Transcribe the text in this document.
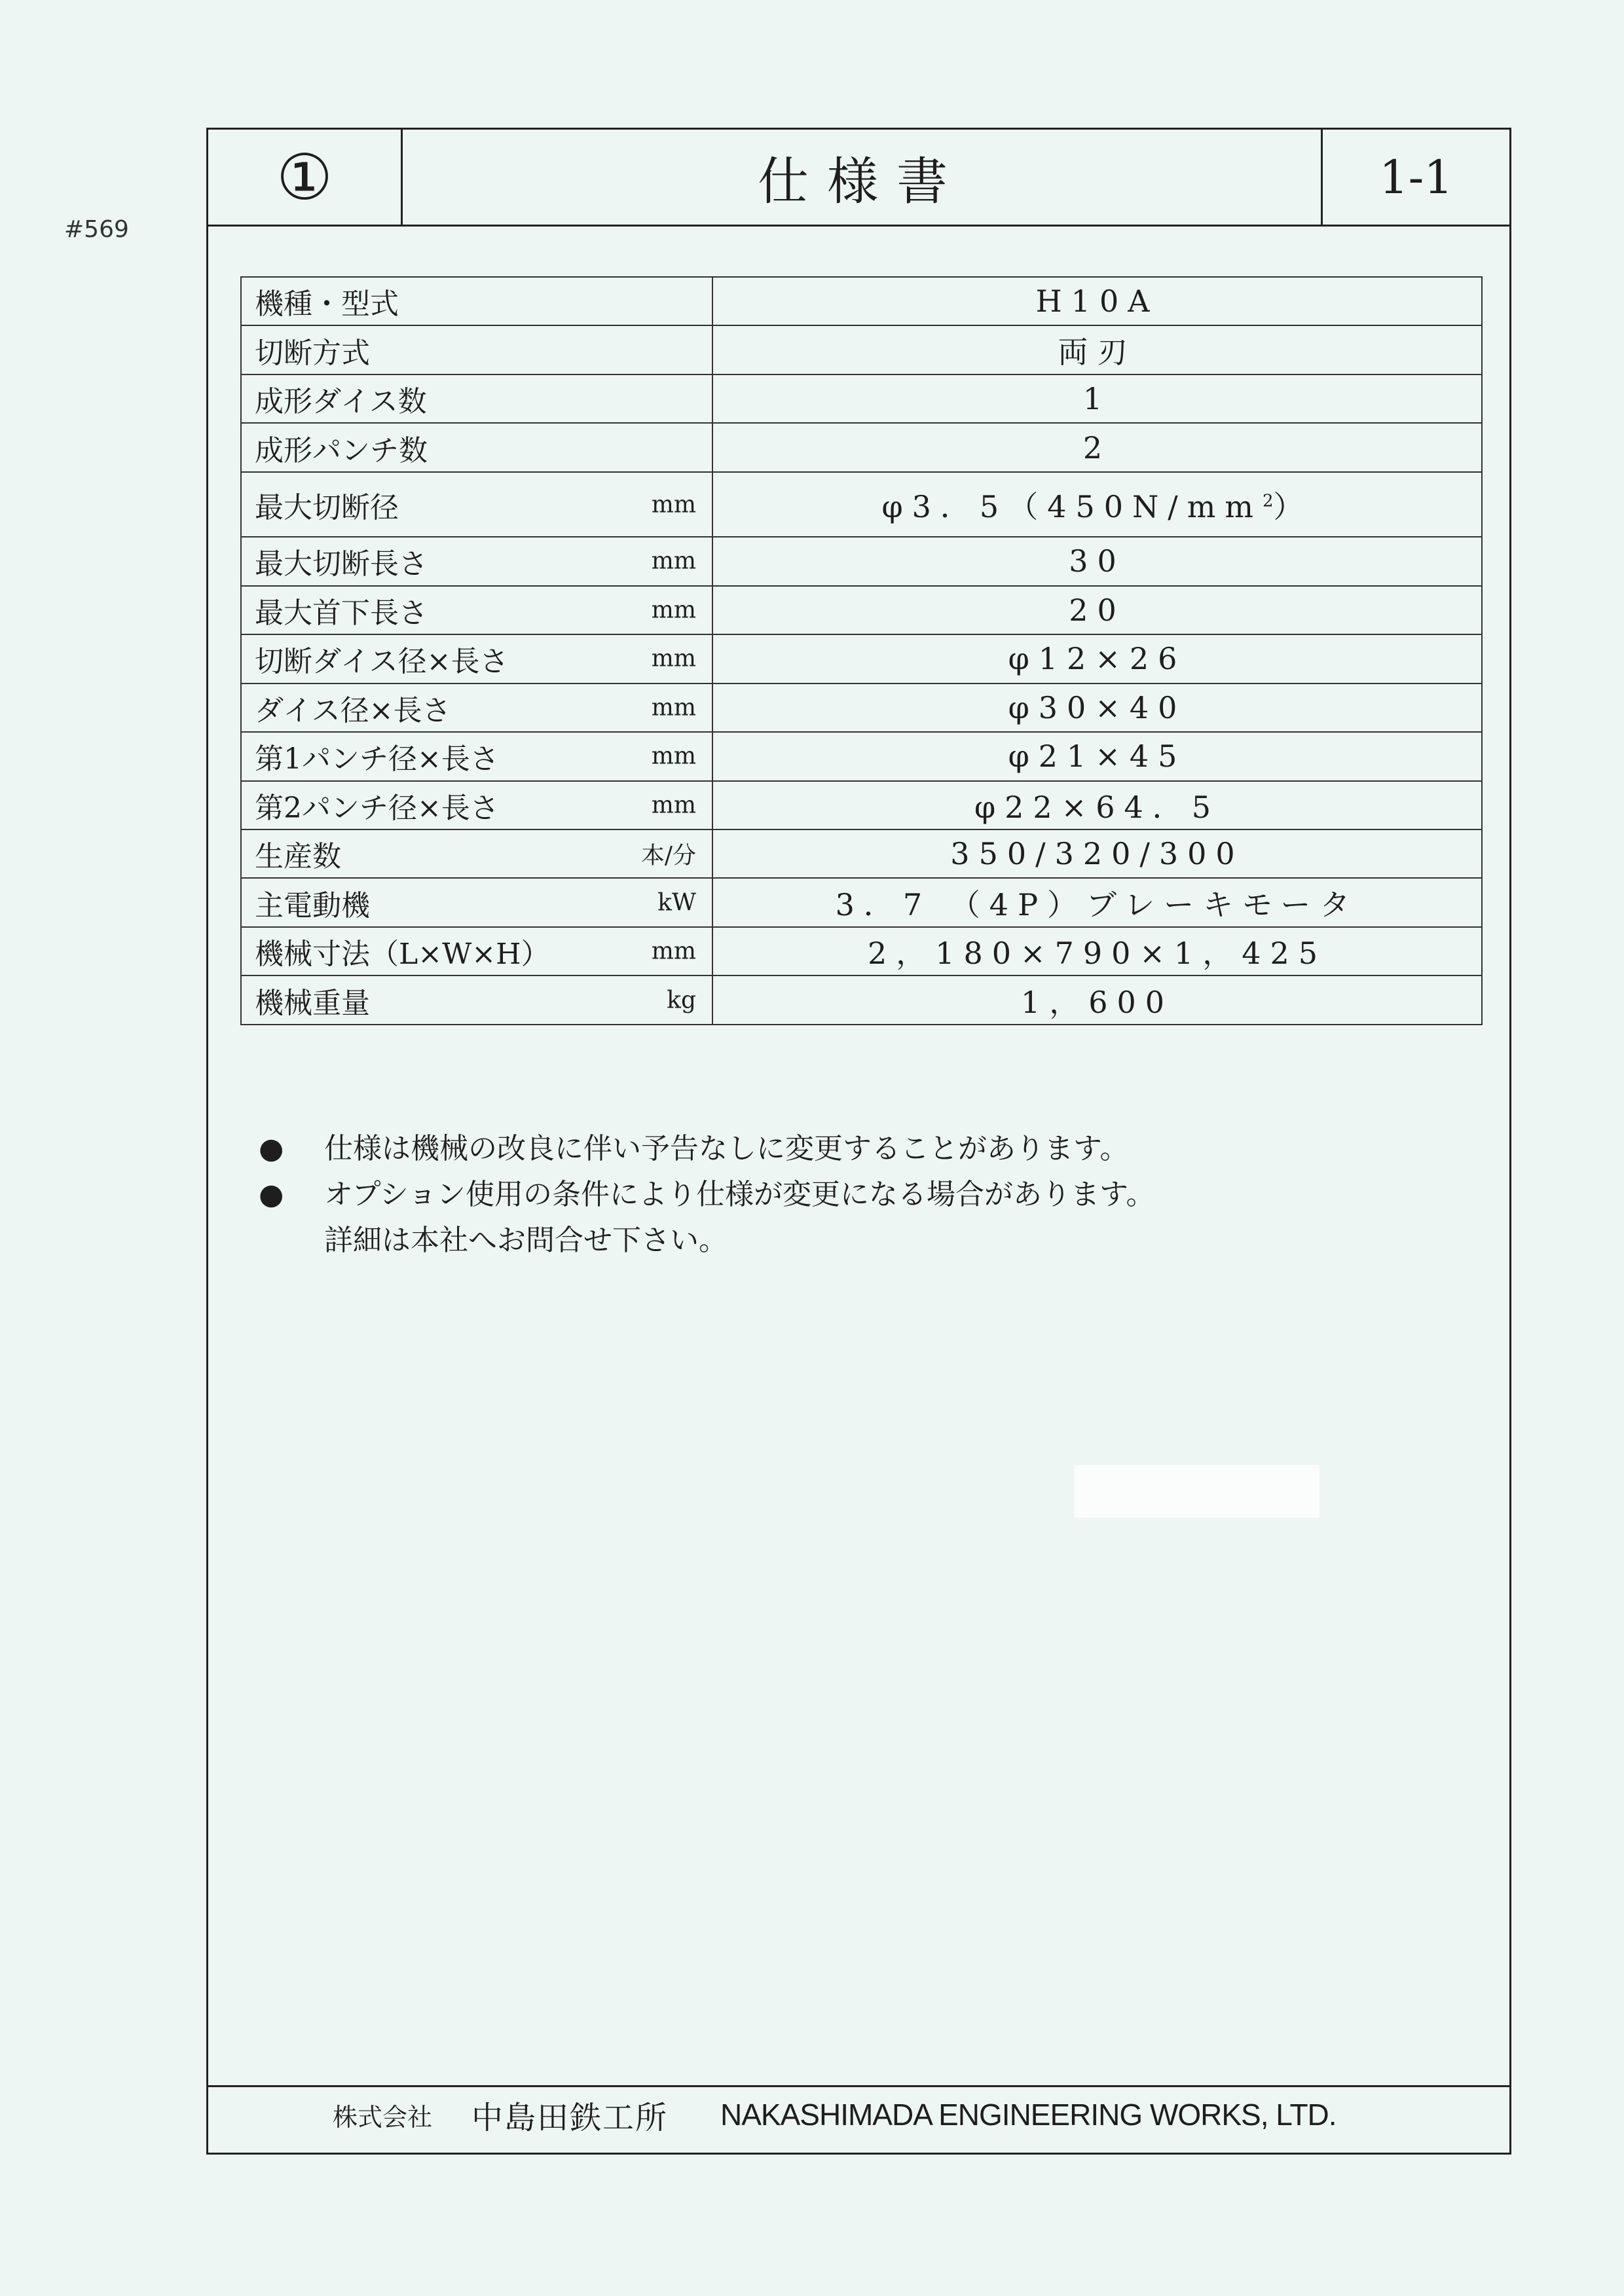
#569
①	仕様書	1-1
株式会社 中島田鉄工所 NAKASHIMADA ENGINEERING WORKS, LTD.
機種・型式	H10A

切断方式	両刃

成形ダイス数	1

成形パンチ数	2

最大切断径 mm	φ3．$5(450N/mm^2)$

最大切断長さ mm	30

最大首下長さ mm	20

切断ダイス径×長さ mm	φ12×26

ダイス径×長さ mm	φ30×40

第1パンチ径×長さ mm	φ21×45

第2パンチ径×長さ mm	φ22×64．5

生産数 本/分	350/320/300

主電動機 kW	3．7 （4P）ブレーキモータ

機械寸法（L×W×H） mm	2，180×790×1，425

機械重量 kg	1，600
● 仕様は機械の改良に伴い予告なしに変更することがあります。
● オプション使用の条件により仕様が変更になる場合があります。
詳細は本社へお問合せ下さい。
